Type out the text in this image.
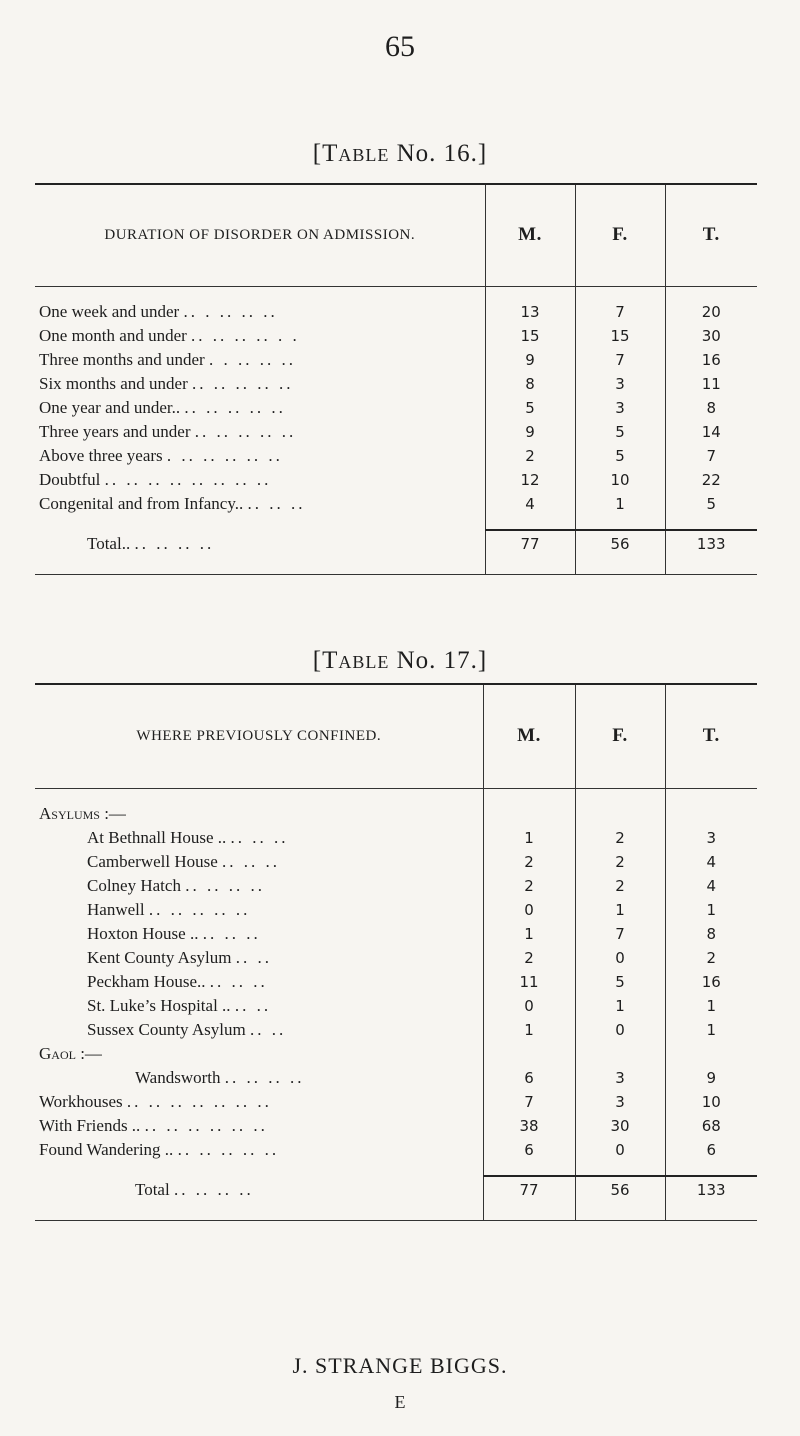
65
[Table No. 16.]
DURATION OF DISORDER ON ADMISSION.	M.	F.	T.

One week and under .. . .. .. ..	13	7	20
One month and under .. .. .. .. . .	15	15	30
Three months and under . . .. .. ..	9	7	16
Six months and under .. .. .. .. ..	8	3	11
One year and under.. .. .. .. .. ..	5	3	8
Three years and under .. .. .. .. ..	9	5	14
Above three years . .. .. .. .. ..	2	5	7
Doubtful .. .. .. .. .. .. .. ..	12	10	22
Congenital and from Infancy.. .. .. ..	4	1	5

Total.. .. .. .. ..	77	56	133
[Table No. 17.]
WHERE PREVIOUSLY CONFINED.	M.	F.	T.

Asylums :—			
At Bethnall House .. .. .. ..	1	2	3
Camberwell House .. .. ..	2	2	4
Colney Hatch .. .. .. ..	2	2	4
Hanwell .. .. .. .. ..	0	1	1
Hoxton House .. .. .. ..	1	7	8
Kent County Asylum .. ..	2	0	2
Peckham House.. .. .. ..	11	5	16
St. Luke’s Hospital .. .. ..	0	1	1
Sussex County Asylum .. ..	1	0	1
Gaol :—			
Wandsworth .. .. .. ..	6	3	9
Workhouses .. .. .. .. .. .. ..	7	3	10
With Friends .. .. .. .. .. .. ..	38	30	68
Found Wandering .. .. .. .. .. ..	6	0	6

Total .. .. .. ..	77	56	133
J. STRANGE BIGGS.
E
